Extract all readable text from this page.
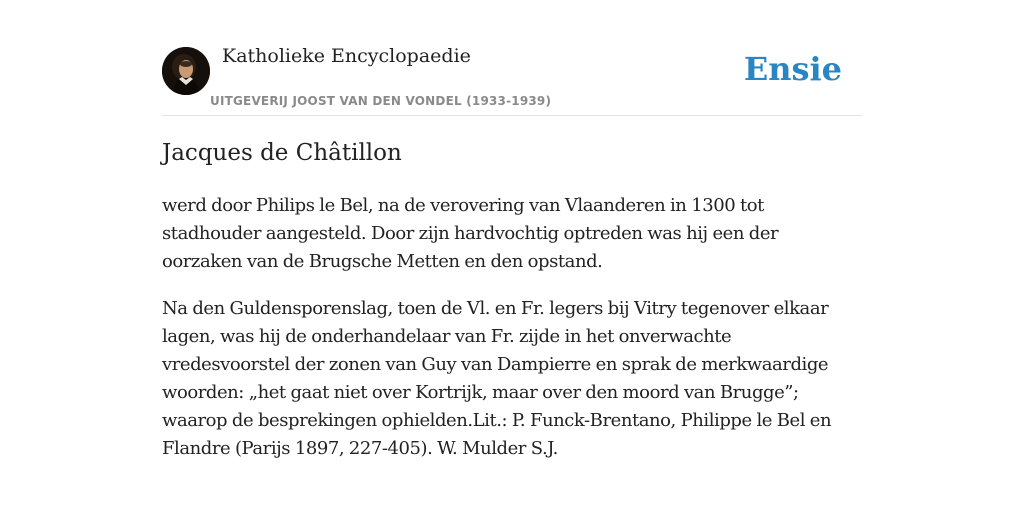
Katholieke Encyclopaedie
UITGEVERIJ JOOST VAN DEN VONDEL (1933-1939)
Ensie
Jacques de Châtillon

werd door Philips le Bel, na de verovering van Vlaanderen in 1300 tot stadhouder aangesteld. Door zijn hardvochtig optreden was hij een der oorzaken van de Brugsche Metten en den opstand.

Na den Guldensporenslag, toen de Vl. en Fr. legers bij Vitry tegenover elkaar lagen, was hij de onderhandelaar van Fr. zijde in het onverwachte vredesvoorstel der zonen van Guy van Dampierre en sprak de merkwaardige woorden: „het gaat niet over Kortrijk, maar over den moord van Brugge”; waarop de besprekingen ophielden.Lit.: P. Funck-Brentano, Philippe le Bel en Flandre (Parijs 1897, 227-405). W. Mulder S.J.
